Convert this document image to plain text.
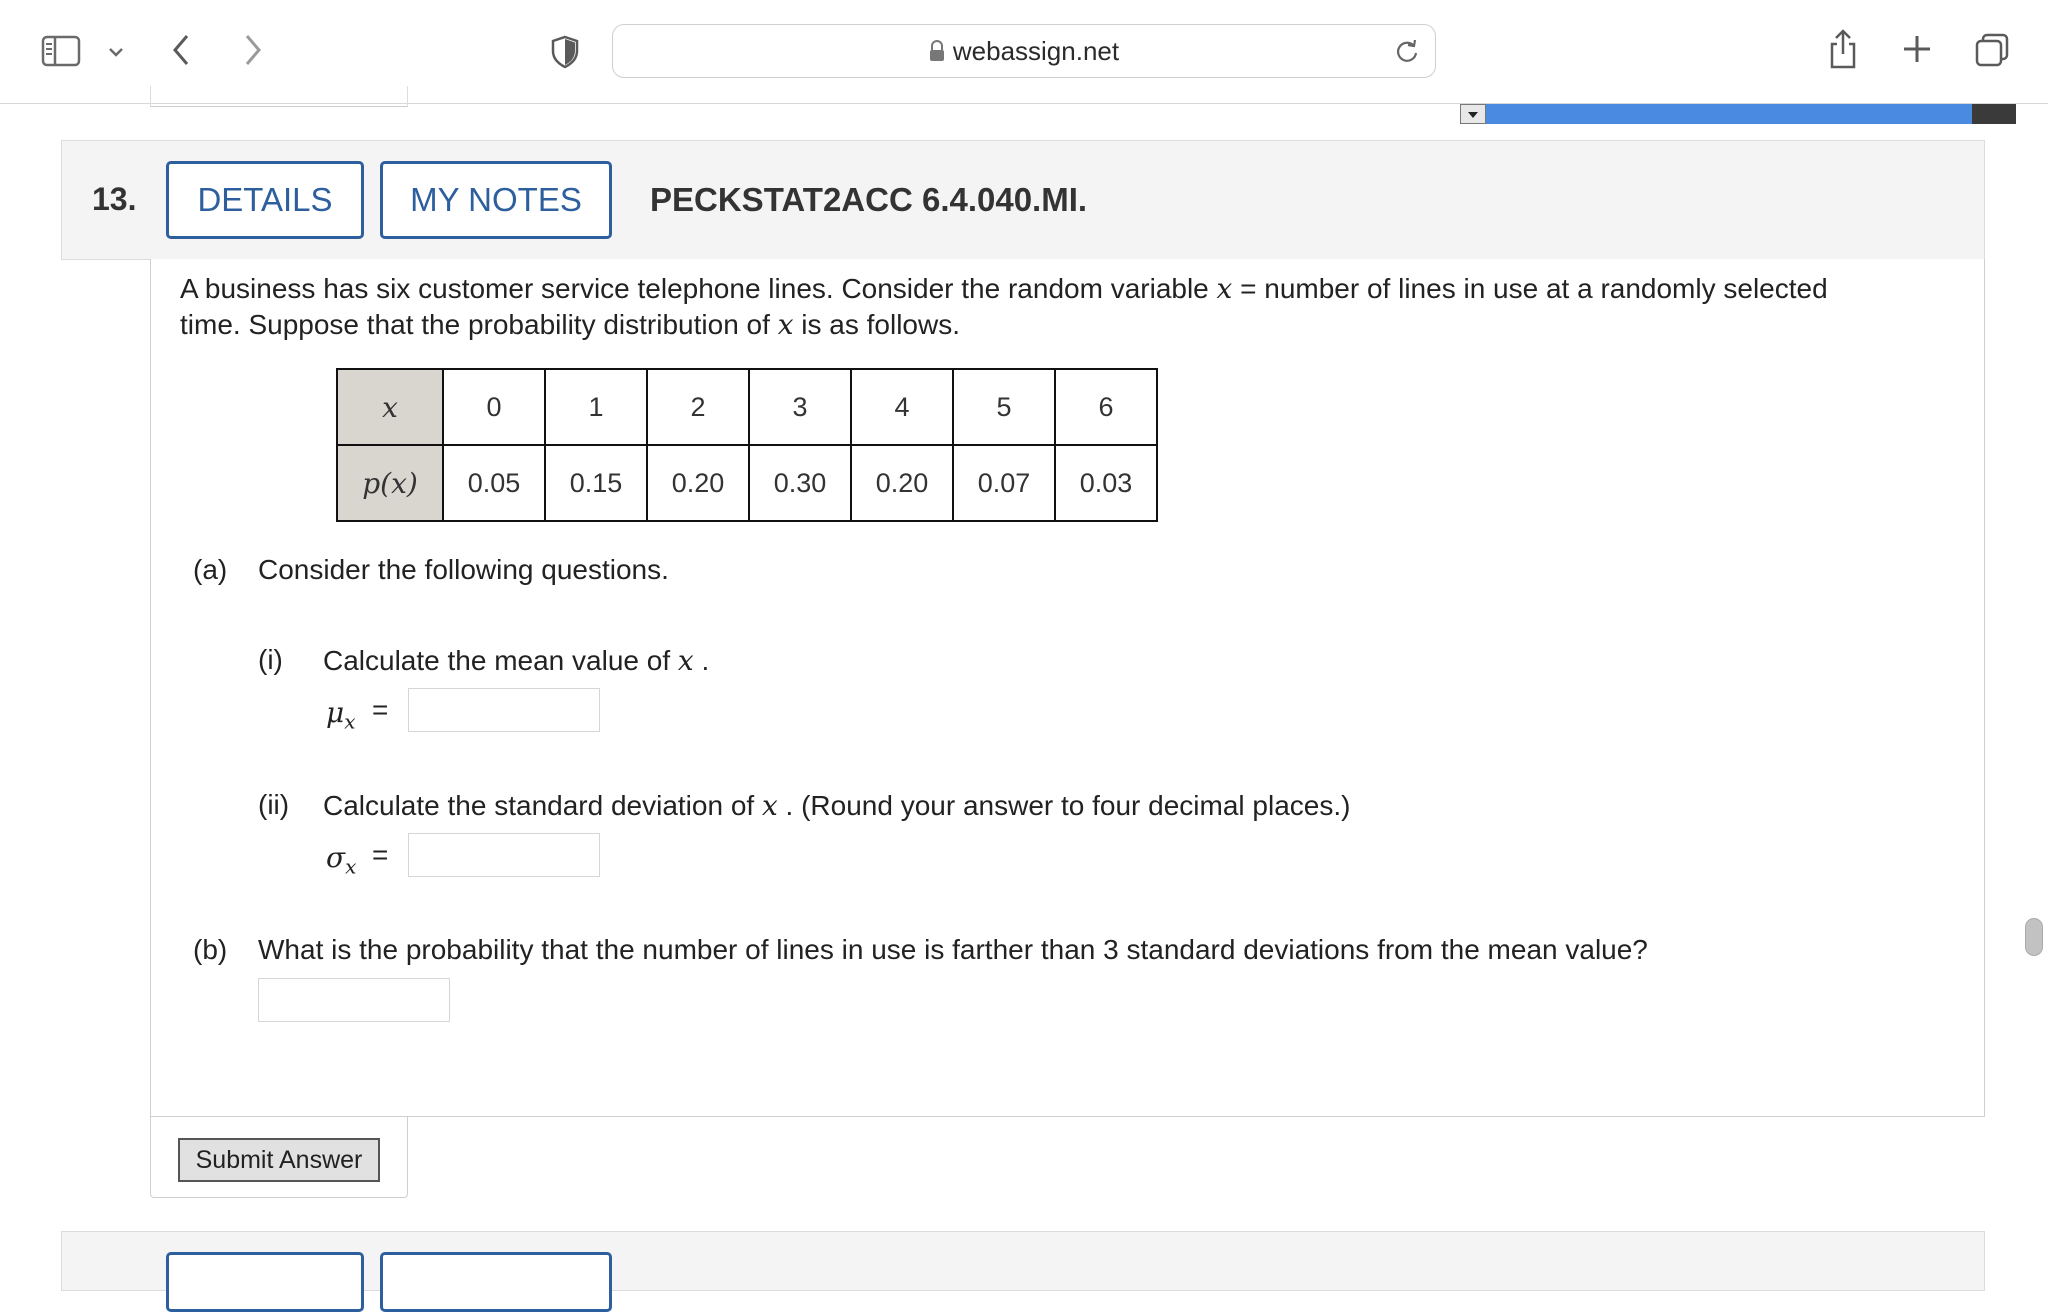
webassign.net
13.	DETAILS	MY NOTES	PECKSTAT2ACC 6.4.040.MI.
A business has six customer service telephone lines. Consider the random variable x = number of lines in use at a randomly selected
time. Suppose that the probability distribution of x is as follows.
x	0	1	2	3	4	5	6
p(x)	0.05	0.15	0.20	0.30	0.20	0.07	0.03
(a) Consider the following questions.
(i) Calculate the mean value of x .
$\mu_x$ =
(ii) Calculate the standard deviation of x . (Round your answer to four decimal places.)
$\sigma_x$ =
(b) What is the probability that the number of lines in use is farther than 3 standard deviations from the mean value?
Submit Answer
